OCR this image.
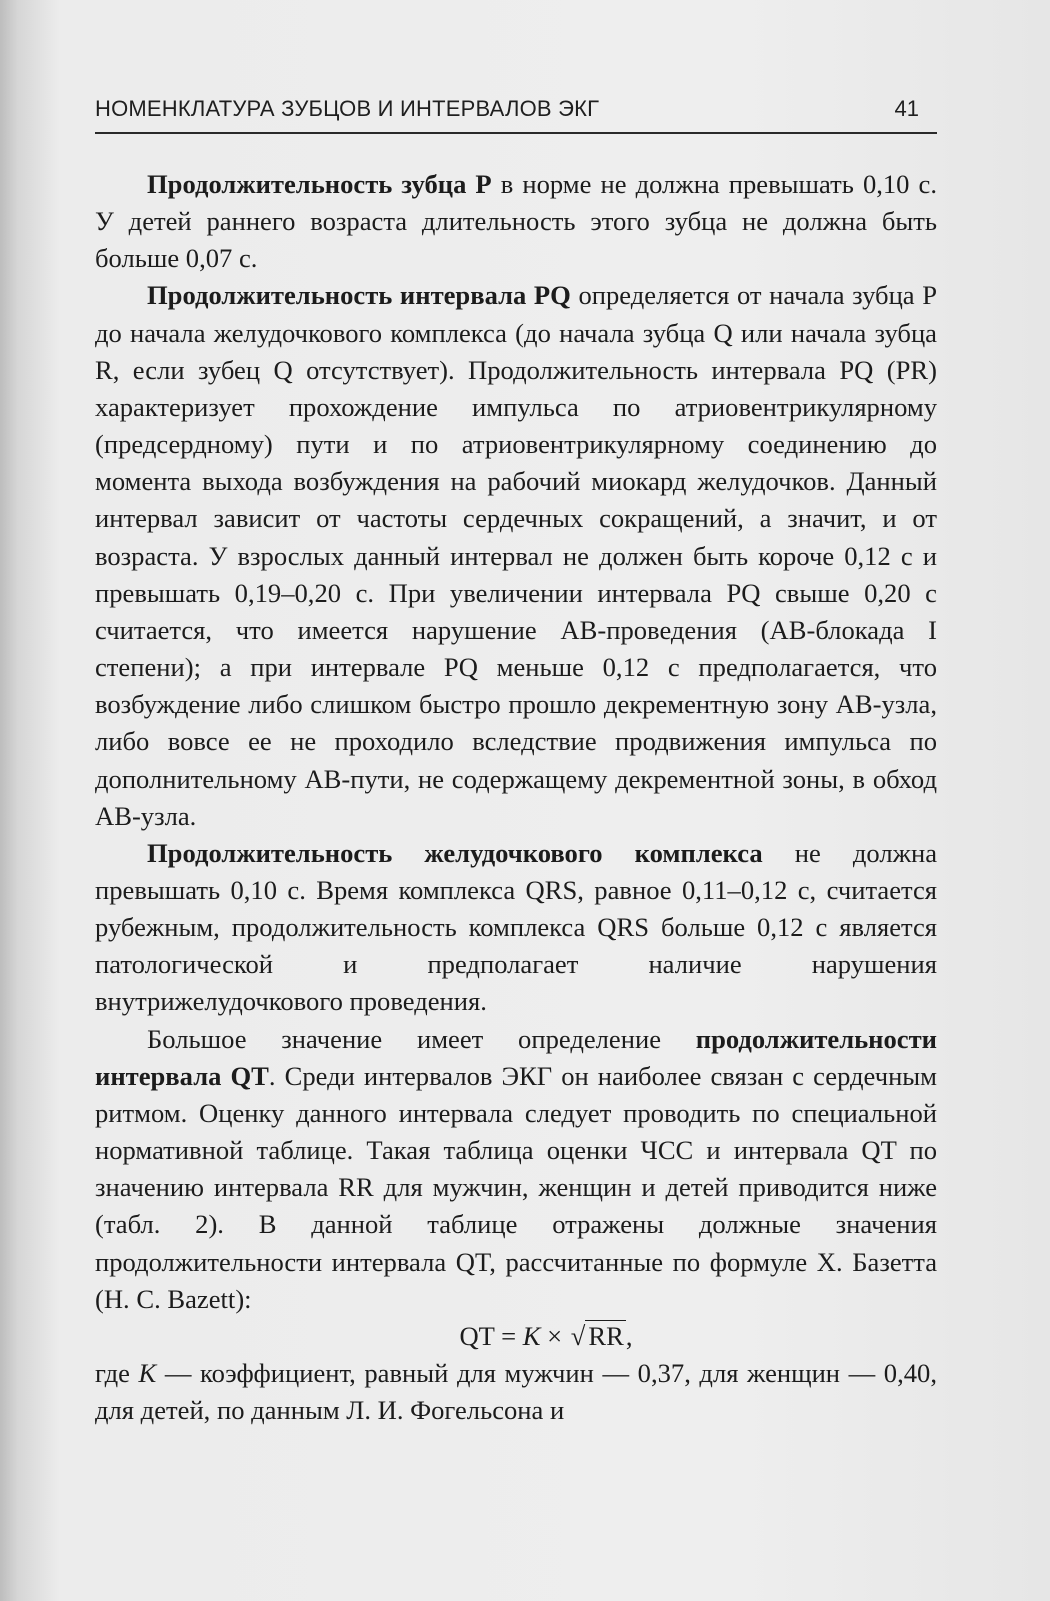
НОМЕНКЛАТУРА ЗУБЦОВ И ИНТЕРВАЛОВ ЭКГ	41

Продолжительность зубца P в норме не должна превышать 0,10 с. У детей раннего возраста длительность этого зубца не должна быть больше 0,07 с.

Продолжительность интервала PQ определяется от начала зубца P до начала желудочкового комплекса (до начала зубца Q или начала зубца R, если зубец Q отсутствует). Продолжительность интервала PQ (PR) характеризует прохождение импульса по атриовентрикулярному (предсердному) пути и по атриовентрикулярному соединению до момента выхода возбуждения на рабочий миокард желудочков. Данный интервал зависит от частоты сердечных сокращений, а значит, и от возраста. У взрослых данный интервал не должен быть короче 0,12 с и превышать 0,19–0,20 с. При увеличении интервала PQ свыше 0,20 с считается, что имеется нарушение АВ-проведения (АВ-блокада I степени); а при интервале PQ меньше 0,12 с предполагается, что возбуждение либо слишком быстро прошло декрементную зону АВ-узла, либо вовсе ее не проходило вследствие продвижения импульса по дополнительному АВ-пути, не содержащему декрементной зоны, в обход АВ-узла.

Продолжительность желудочкового комплекса не должна превышать 0,10 с. Время комплекса QRS, равное 0,11–0,12 с, считается рубежным, продолжительность комплекса QRS больше 0,12 с является патологической и предполагает наличие нарушения внутрижелудочкового проведения.

Большое значение имеет определение продолжительности интервала QT. Среди интервалов ЭКГ он наиболее связан с сердечным ритмом. Оценку данного интервала следует проводить по специальной нормативной таблице. Такая таблица оценки ЧСС и интервала QT по значению интервала RR для мужчин, женщин и детей приводится ниже (табл. 2). В данной таблице отражены должные значения продолжительности интервала QT, рассчитанные по формуле Х. Базетта (H. C. Bazett):

QT = K × √ RR,

где K — коэффициент, равный для мужчин — 0,37, для женщин — 0,40, для детей, по данным Л. И. Фогельсона и
